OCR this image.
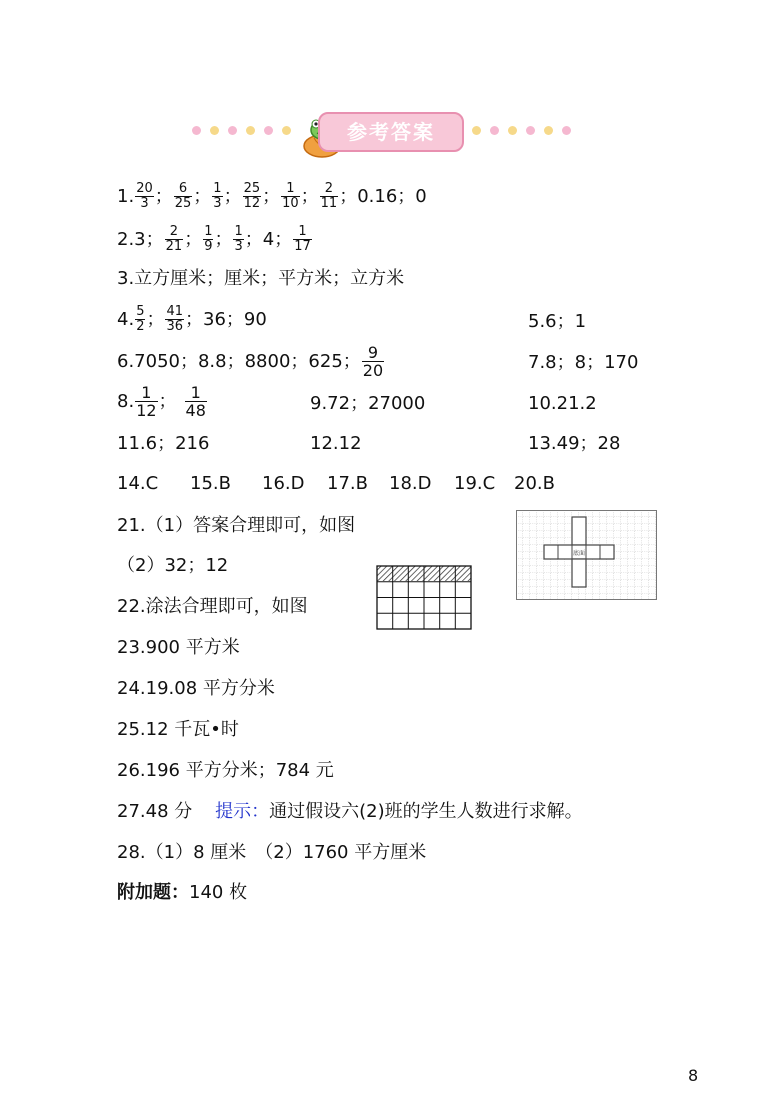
参考答案
1. $\frac{20}{3}$ ； $\frac{6}{25}$ ； $\frac{1}{3}$ ； $\frac{25}{12}$ ； $\frac{1}{10}$ ； $\frac{2}{11}$ ； 0.16；0
2.3； $\frac{2}{21}$ ； $\frac{1}{9}$ ； $\frac{1}{3}$ ； 4； $\frac{1}{17}$
3.立方厘米；厘米；平方米；立方米
4. $\frac{5}{2}$ ； $\frac{41}{36}$ ； 36；90	5.6；1
6.7050；8.8；8800；625； $\frac{9}{20}$	7.8；8；170
8. $\frac{1}{12}$ ； $\frac{1}{48}$	9.72；27000	10.21.2
11.6；216	12.12	13.49；28
14.C 15.B 16.D 17.B 18.D 19.C 20.B
21.（1）答案合理即可，如图
（2）32；12
底面
22.涂法合理即可，如图
23.900 平方米
24.19.08 平方分米
25.12 千瓦•时
26.196 平方分米；784 元
27.48 分 提示：通过假设六(2)班的学生人数进行求解。
28.（1）8 厘米　（2）1760 平方厘米
附加题：140 枚
8
